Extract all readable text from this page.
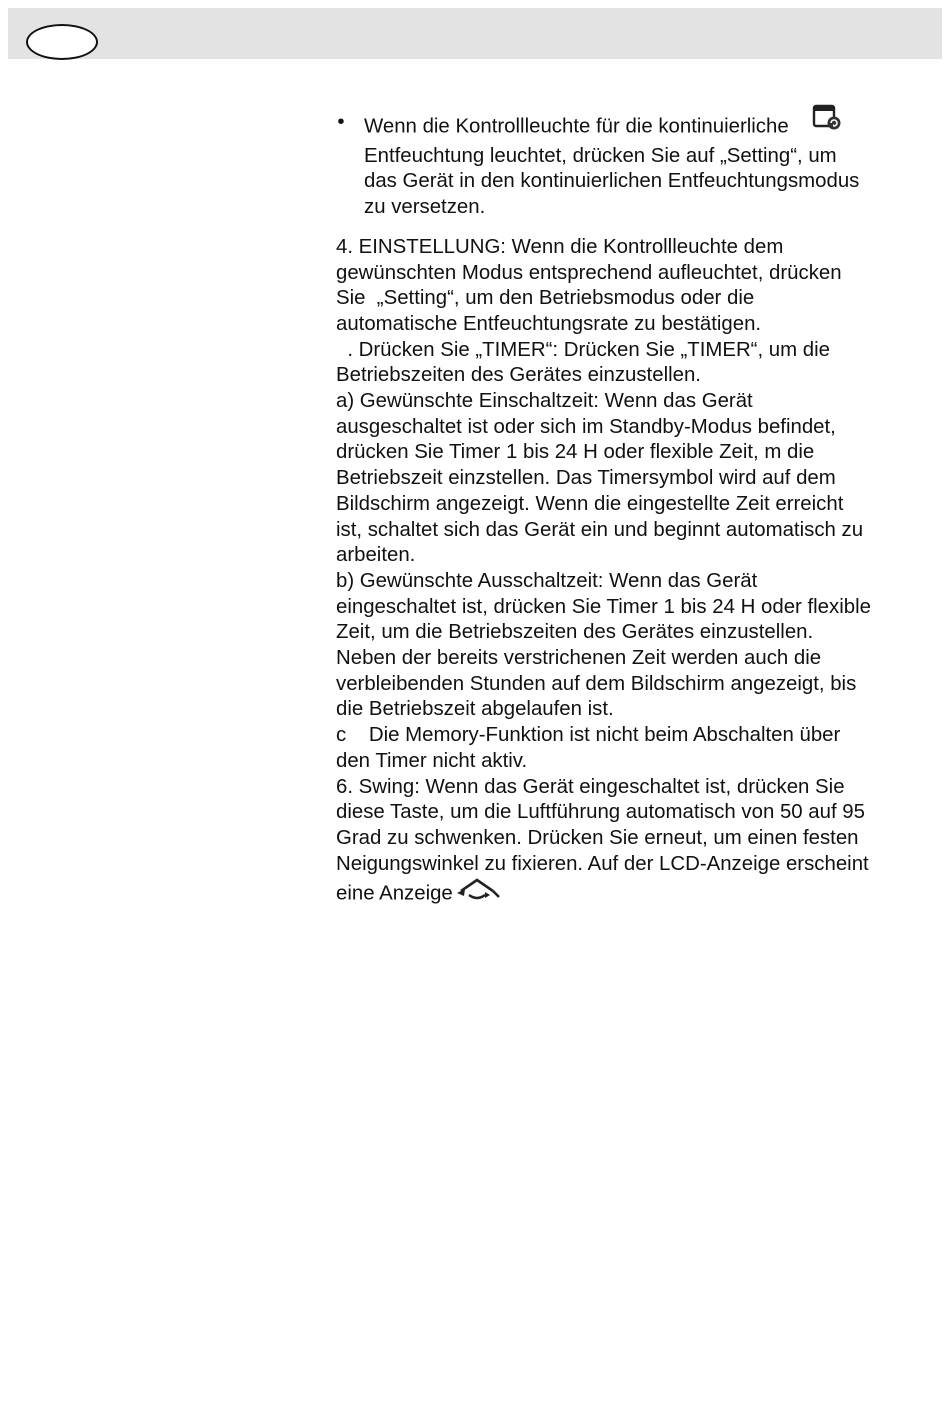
• Wenn die Kontrollleuchte für die kontinuierliche
Entfeuchtung leuchtet, drücken Sie auf „Setting“, um
das Gerät in den kontinuierlichen Entfeuchtungsmodus
zu versetzen.
4. EINSTELLUNG: Wenn die Kontrollleuchte dem
gewünschten Modus entsprechend aufleuchtet, drücken
Sie  „Setting“, um den Betriebsmodus oder die
automatische Entfeuchtungsrate zu bestätigen.
. Drücken Sie „TIMER“: Drücken Sie „TIMER“, um die
Betriebszeiten des Gerätes einzustellen.
a) Gewünschte Einschaltzeit: Wenn das Gerät
ausgeschaltet ist oder sich im Standby-Modus befindet,
drücken Sie Timer 1 bis 24 H oder flexible Zeit, m die
Betriebszeit einzstellen. Das Timersymbol wird auf dem
Bildschirm angezeigt. Wenn die eingestellte Zeit erreicht
ist, schaltet sich das Gerät ein und beginnt automatisch zu
arbeiten.
b) Gewünschte Ausschaltzeit: Wenn das Gerät
eingeschaltet ist, drücken Sie Timer 1 bis 24 H oder flexible
Zeit, um die Betriebszeiten des Gerätes einzustellen.
Neben der bereits verstrichenen Zeit werden auch die
verbleibenden Stunden auf dem Bildschirm angezeigt, bis
die Betriebszeit abgelaufen ist.
c    Die Memory-Funktion ist nicht beim Abschalten über
den Timer nicht aktiv.
6. Swing: Wenn das Gerät eingeschaltet ist, drücken Sie
diese Taste, um die Luftführung automatisch von 50 auf 95
Grad zu schwenken. Drücken Sie erneut, um einen festen
Neigungswinkel zu fixieren. Auf der LCD-Anzeige erscheint
eine Anzeige
